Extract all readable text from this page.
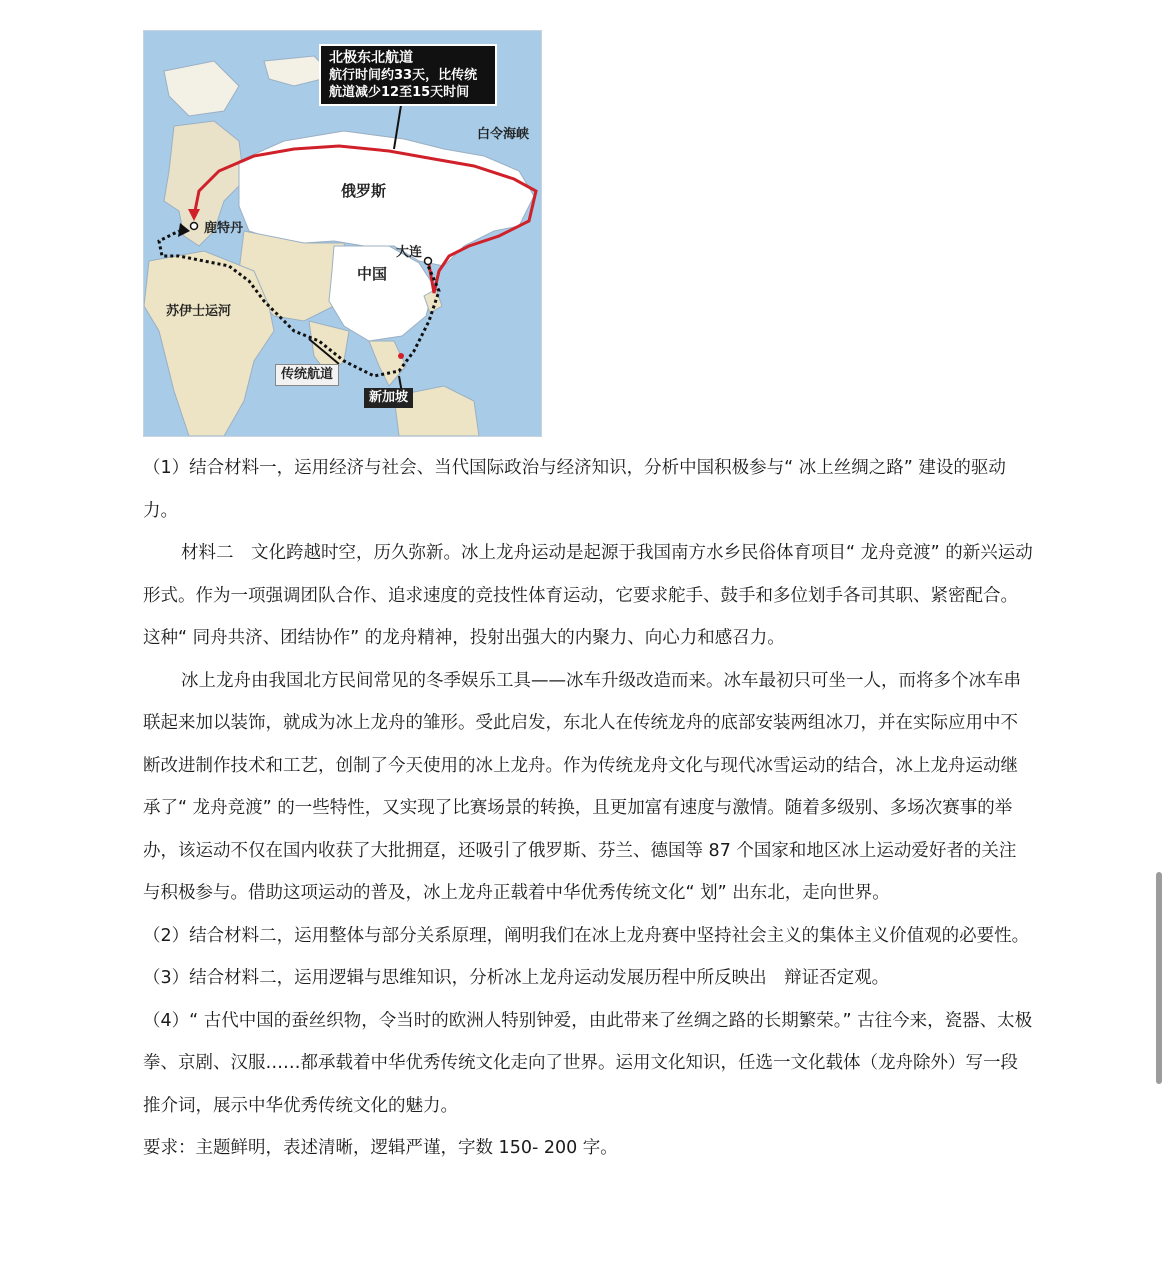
北极东北航道
航行时间约33天，比传统
航道减少12至15天时间
白令海峡
俄罗斯
鹿特丹
大连
中国
苏伊士运河
传统航道
新加坡

（1）结合材料一，运用经济与社会、当代国际政治与经济知识，分析中国积极参与“ 冰上丝绸之路” 建设的驱动力。

材料二　文化跨越时空，历久弥新。冰上龙舟运动是起源于我国南方水乡民俗体育项目“ 龙舟竞渡” 的新兴运动形式。作为一项强调团队合作、追求速度的竞技性体育运动，它要求舵手、鼓手和多位划手各司其职、紧密配合。这种“ 同舟共济、团结协作” 的龙舟精神，投射出强大的内聚力、向心力和感召力。

冰上龙舟由我国北方民间常见的冬季娱乐工具——冰车升级改造而来。冰车最初只可坐一人，而将多个冰车串联起来加以装饰，就成为冰上龙舟的雏形。受此启发，东北人在传统龙舟的底部安装两组冰刀，并在实际应用中不断改进制作技术和工艺，创制了今天使用的冰上龙舟。作为传统龙舟文化与现代冰雪运动的结合，冰上龙舟运动继承了“ 龙舟竞渡” 的一些特性，又实现了比赛场景的转换，且更加富有速度与激情。随着多级别、多场次赛事的举办，该运动不仅在国内收获了大批拥趸，还吸引了俄罗斯、芬兰、德国等 87 个国家和地区冰上运动爱好者的关注与积极参与。借助这项运动的普及，冰上龙舟正载着中华优秀传统文化“ 划” 出东北，走向世界。

（2）结合材料二，运用整体与部分关系原理，阐明我们在冰上龙舟赛中坚持社会主义的集体主义价值观的必要性。

（3）结合材料二，运用逻辑与思维知识，分析冰上龙舟运动发展历程中所反映出　辩证否定观。

（4）“ 古代中国的蚕丝织物，令当时的欧洲人特别钟爱，由此带来了丝绸之路的长期繁荣。” 古往今来，瓷器、太极拳、京剧、汉服……都承载着中华优秀传统文化走向了世界。运用文化知识，任选一文化载体（龙舟除外）写一段推介词，展示中华优秀传统文化的魅力。

要求：主题鲜明，表述清晰，逻辑严谨，字数 150- 200 字。
